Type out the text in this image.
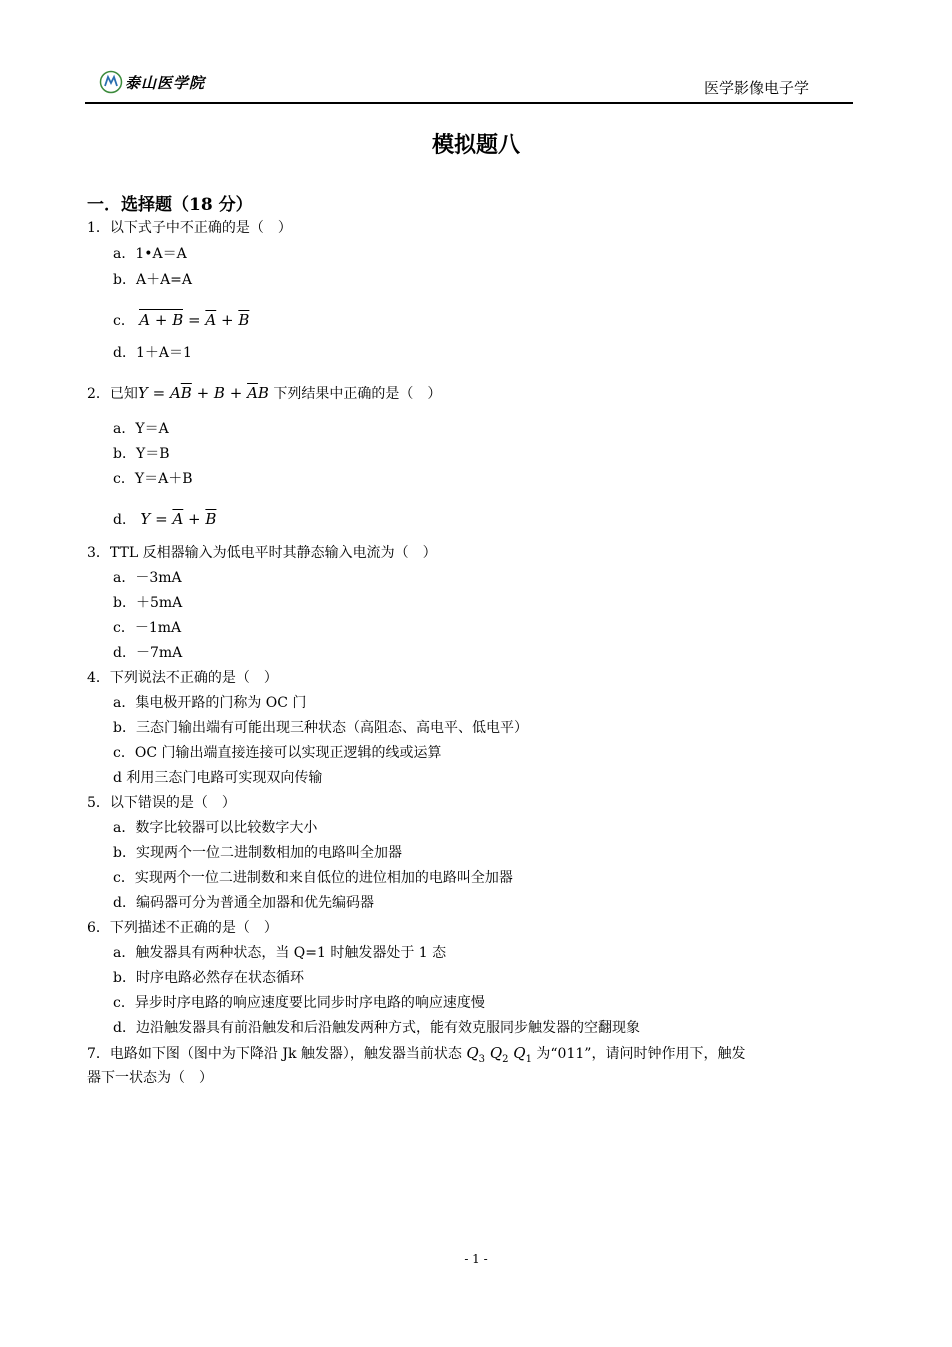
泰山医学院	医学影像电子学
模拟题八
一．选择题（18 分）
1．以下式子中不正确的是（　）
a．1•A＝A
b．A＋A=A
c． $A + B = \overline{A} + \overline{B}$
d．1＋A＝1
2．已知$Y = A\overline{B} + B + \overline{A}B$ 下列结果中正确的是（　）
a．Y＝A
b．Y＝B
c．Y＝A＋B
d． $Y = \overline{A} + \overline{B}$
3．TTL 反相器输入为低电平时其静态输入电流为（　）
a．－3mA
b．＋5mA
c．－1mA
d．－7mA
4．下列说法不正确的是（　）
a．集电极开路的门称为 OC 门
b．三态门输出端有可能出现三种状态（高阻态、高电平、低电平）
c．OC 门输出端直接连接可以实现正逻辑的线或运算
d 利用三态门电路可实现双向传输
5．以下错误的是（　）
a．数字比较器可以比较数字大小
b．实现两个一位二进制数相加的电路叫全加器
c．实现两个一位二进制数和来自低位的进位相加的电路叫全加器
d．编码器可分为普通全加器和优先编码器
6．下列描述不正确的是（　）
a．触发器具有两种状态，当 Q=1 时触发器处于 1 态
b．时序电路必然存在状态循环
c．异步时序电路的响应速度要比同步时序电路的响应速度慢
d．边沿触发器具有前沿触发和后沿触发两种方式，能有效克服同步触发器的空翻现象
7．电路如下图（图中为下降沿 Jk 触发器），触发器当前状态 $Q_3$ $Q_2$ $Q_1$ 为“011”，请问时钟作用下，触发
器下一状态为（　）
- 1 -
